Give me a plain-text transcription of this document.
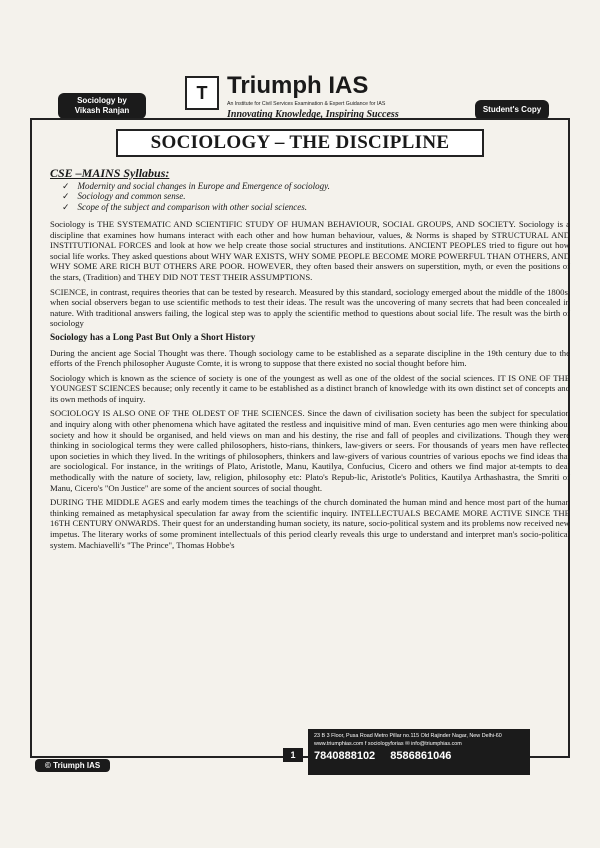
Sociology by
Vikash Ranjan
T Triumph IAS
An Institute for Civil Services Examination & Expert Guidance for IAS
Innovating Knowledge, Inspiring Success	Student's Copy
SOCIOLOGY – THE DISCIPLINE
CSE –MAINS Syllabus:
✓ Modernity and social changes in Europe and Emergence of sociology.
✓ Sociology and common sense.
✓ Scope of the subject and comparison with other social sciences.

Sociology is THE SYSTEMATIC AND SCIENTIFIC STUDY OF HUMAN BEHAVIOUR, SOCIAL GROUPS, AND SOCIETY. Sociology is a discipline that examines how humans interact with each other and how human behaviour, values, & Norms is shaped by STRUCTURAL AND INSTITUTIONAL FORCES and look at how we help create those social structures and institutions. ANCIENT PEOPLES tried to figure out how social life works. They asked questions about WHY WAR EXISTS, WHY SOME PEOPLE BECOME MORE POWERFUL THAN OTHERS, AND WHY SOME ARE RICH BUT OTHERS ARE POOR. HOWEVER, they often based their answers on superstition, myth, or even the positions of the stars, (Tradition) and THEY DID NOT TEST THEIR ASSUMPTIONS.

SCIENCE, in contrast, requires theories that can be tested by research. Measured by this standard, sociology emerged about the middle of the 1800s, when social observers began to use scientific methods to test their ideas. The result was the uncovering of many secrets that had been concealed in nature. With traditional answers failing, the logical step was to apply the scientific method to questions about social life. The result was the birth of sociology

Sociology has a Long Past But Only a Short History

During the ancient age Social Thought was there. Though sociology came to be established as a separate discipline in the 19th century due to the efforts of the French philosopher Auguste Comte, it is wrong to suppose that there existed no social thought before him.

Sociology which is known as the science of society is one of the youngest as well as one of the oldest of the social sciences. IT IS ONE OF THE YOUNGEST SCIENCES because; only recently it came to be established as a distinct branch of knowledge with its own distinct set of concepts and its own methods of inquiry.

SOCIOLOGY IS ALSO ONE OF THE OLDEST OF THE SCIENCES. Since the dawn of civilisation society has been the subject for speculation and inquiry along with other phenomena which have agitated the restless and inquisitive mind of man. Even centuries ago men were thinking about society and how it should be organised, and held views on man and his destiny, the rise and fall of peoples and civilizations. Though they were thinking in sociological terms they were called philosophers, histo-rians, thinkers, law-givers or seers. For thousands of years men have reflected upon societies in which they lived. In the writings of philosophers, thinkers and law-givers of various countries of various epochs we find ideas that are sociological. For instance, in the writings of Plato, Aristotle, Manu, Kautilya, Confucius, Cicero and others we find major at-tempts to deal methodically with the nature of society, law, religion, philosophy etc: Plato's Repub-lic, Aristotle's Politics, Kautilya Arthashastra, the Smriti of Manu, Cicero's "On Justice" are some of the ancient sources of social thought.

DURING THE MIDDLE AGES and early modem times the teachings of the church dominated the human mind and hence most part of the human thinking remained as metaphysical speculation far away from the scientific inquiry. INTELLECTUALS BECAME MORE ACTIVE SINCE THE 16TH CENTURY ONWARDS. Their quest for an understanding human society, its nature, socio-political system and its problems now received new impetus. The literary works of some prominent intellectuals of this period clearly reveals this urge to understand and interpret man's socio-political system. Machiavelli's "The Prince", Thomas Hobbe's

1
23 B 3 Floor, Pusa Road Metro Pillar no.115 Old Rajinder Nagar, New Delhi-60
www.triumphias.com f sociologyforias ✉ info@triumphias.com
7840888102 8586861046
© Triumph IAS
